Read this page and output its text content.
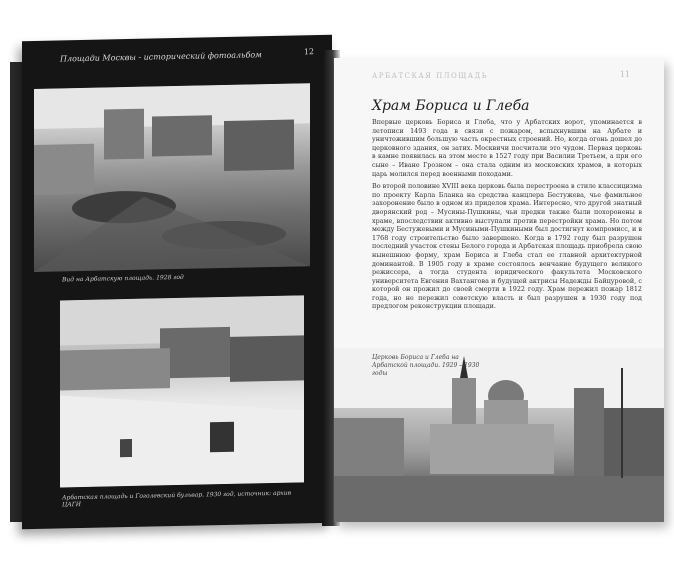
Площади Москвы - исторический фотоальбом	12
Вид на Арбатскую площадь. 1928 год
Арбатская площадь и Гоголевский бульвар. 1930 год, источник: архив ЦАГИ
АРБАТСКАЯ ПЛОЩАДЬ	11
Храм Бориса и Глеба

Впервые церковь Бориса и Глеба, что у Арбатских ворот, упоминается в летописи 1493 года в связи с пожаром, вспыхнувшим на Арбате и уничтожившим большую часть окрестных строений. Но, когда огонь дошел до церковного здания, он затих. Москвичи посчитали это чудом. Первая церковь в камне появилась на этом месте в 1527 году при Василии Третьем, а при его сыне – Иване Грозном – она стала одним из московских храмов, в которых царь молился перед военными походами.

Во второй половине XVIII века церковь была перестроена в стиле классицизма по проекту Карла Бланка на средства канцлера Бестужева, чье фамильное захоронение было в одном из приделов храма. Интересно, что другой знатный дворянский род – Мусины-Пушкины, чьи предки также были похоронены в храме, впоследствии активно выступали против перестройки храма. Но потом между Бестужевыми и Мусиными-Пушкиными был достигнут компромисс, и в 1768 году строительство было завершено. Когда в 1792 году был разрушен последний участок стены Белого города и Арбатская площадь приобрела свою нынешнюю форму, храм Бориса и Глеба стал ее главной архитектурной доминантой. В 1905 году в храме состоялось венчание будущего великого режиссера, а тогда студента юридического факультета Московского университета Евгения Вахтангова и будущей актрисы Надежды Байцуровой, с которой он прожил до своей смерти в 1922 году. Храм пережил пожар 1812 года, но не пережил советскую власть и был разрушен в 1930 году под предлогом реконструкции площади.

Церковь Бориса и Глеба на Арбатской площади. 1929 – 1930 годы
